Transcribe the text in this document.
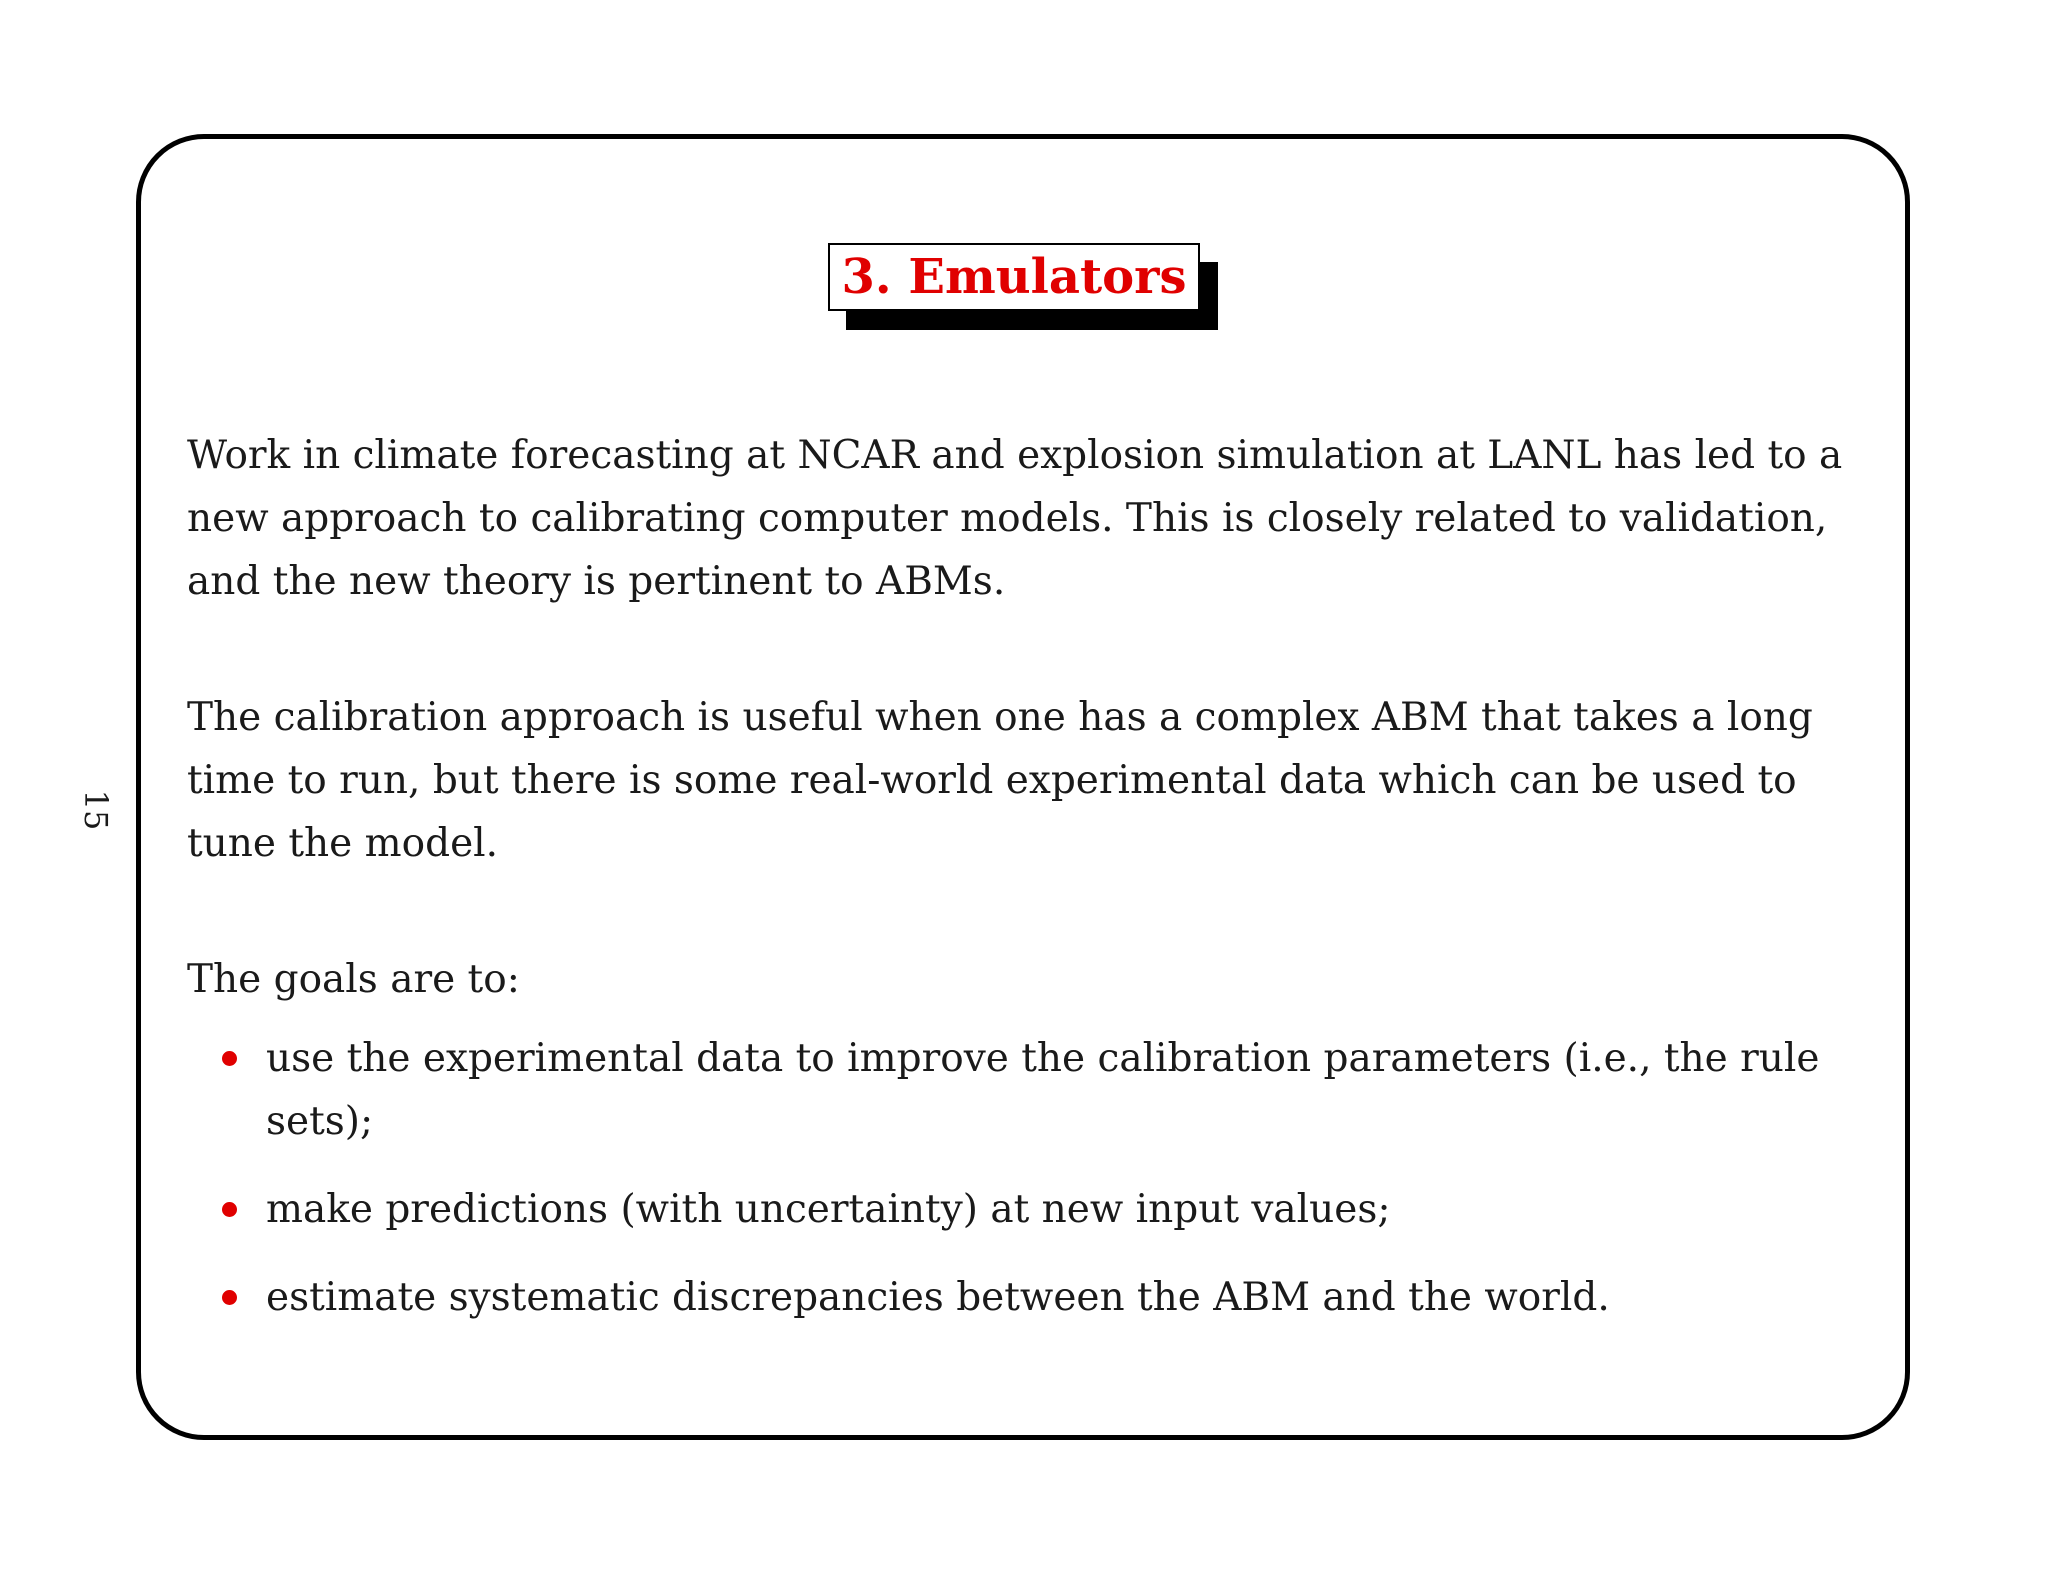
15
3. Emulators

Work in climate forecasting at NCAR and explosion simulation at LANL has led to a new approach to calibrating computer models. This is closely related to validation, and the new theory is pertinent to ABMs.

The calibration approach is useful when one has a complex ABM that takes a long time to run, but there is some real-world experimental data which can be used to tune the model.

The goals are to:

use the experimental data to improve the calibration parameters (i.e., the rule sets);
make predictions (with uncertainty) at new input values;
estimate systematic discrepancies between the ABM and the world.
